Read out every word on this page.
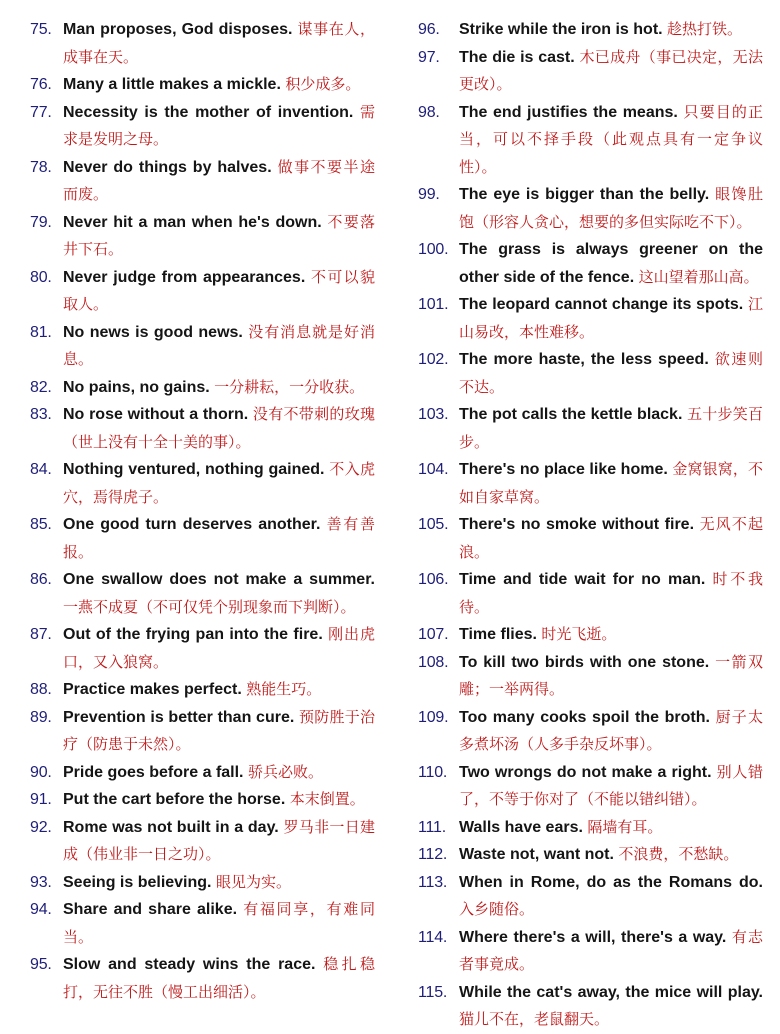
75. Man proposes, God disposes. 谋事在人，成事在天。
76. Many a little makes a mickle. 积少成多。
77. Necessity is the mother of invention. 需求是发明之母。
78. Never do things by halves. 做事不要半途而废。
79. Never hit a man when he's down. 不要落井下石。
80. Never judge from appearances. 不可以貌取人。
81. No news is good news. 没有消息就是好消息。
82. No pains, no gains. 一分耕耘，一分收获。
83. No rose without a thorn. 没有不带刺的玫瑰（世上没有十全十美的事）。
84. Nothing ventured, nothing gained. 不入虎穴，焉得虎子。
85. One good turn deserves another. 善有善报。
86. One swallow does not make a summer. 一燕不成夏（不可仅凭个别现象而下判断）。
87. Out of the frying pan into the fire. 刚出虎口，又入狼窝。
88. Practice makes perfect. 熟能生巧。
89. Prevention is better than cure. 预防胜于治疗（防患于未然）。
90. Pride goes before a fall. 骄兵必败。
91. Put the cart before the horse. 本末倒置。
92. Rome was not built in a day. 罗马非一日建成（伟业非一日之功）。
93. Seeing is believing. 眼见为实。
94. Share and share alike. 有福同享，有难同当。
95. Slow and steady wins the race. 稳扎稳打，无往不胜（慢工出细活）。
96.	Strike while the iron is hot. 趁热打铁。
97.	The die is cast. 木已成舟（事已决定，无法更改）。
98.	The end justifies the means. 只要目的正当，可以不择手段（此观点具有一定争议性）。
99.	The eye is bigger than the belly. 眼馋肚饱（形容人贪心，想要的多但实际吃不下）。
100. The grass is always greener on the other side of the fence. 这山望着那山高。
101. The leopard cannot change its spots. 江山易改，本性难移。
102. The more haste, the less speed. 欲速则不达。
103. The pot calls the kettle black. 五十步笑百步。
104. There's no place like home. 金窝银窝，不如自家草窝。
105. There's no smoke without fire. 无风不起浪。
106. Time and tide wait for no man. 时不我待。
107. Time flies. 时光飞逝。
108. To kill two birds with one stone. 一箭双雕；一举两得。
109. Too many cooks spoil the broth. 厨子太多煮坏汤（人多手杂反坏事）。
110. Two wrongs do not make a right. 别人错了，不等于你对了（不能以错纠错）。
111. Walls have ears. 隔墙有耳。
112. Waste not, want not. 不浪费，不愁缺。
113. When in Rome, do as the Romans do. 入乡随俗。
114. Where there's a will, there's a way. 有志者事竟成。
115. While the cat's away, the mice will play. 猫儿不在，老鼠翻天。
